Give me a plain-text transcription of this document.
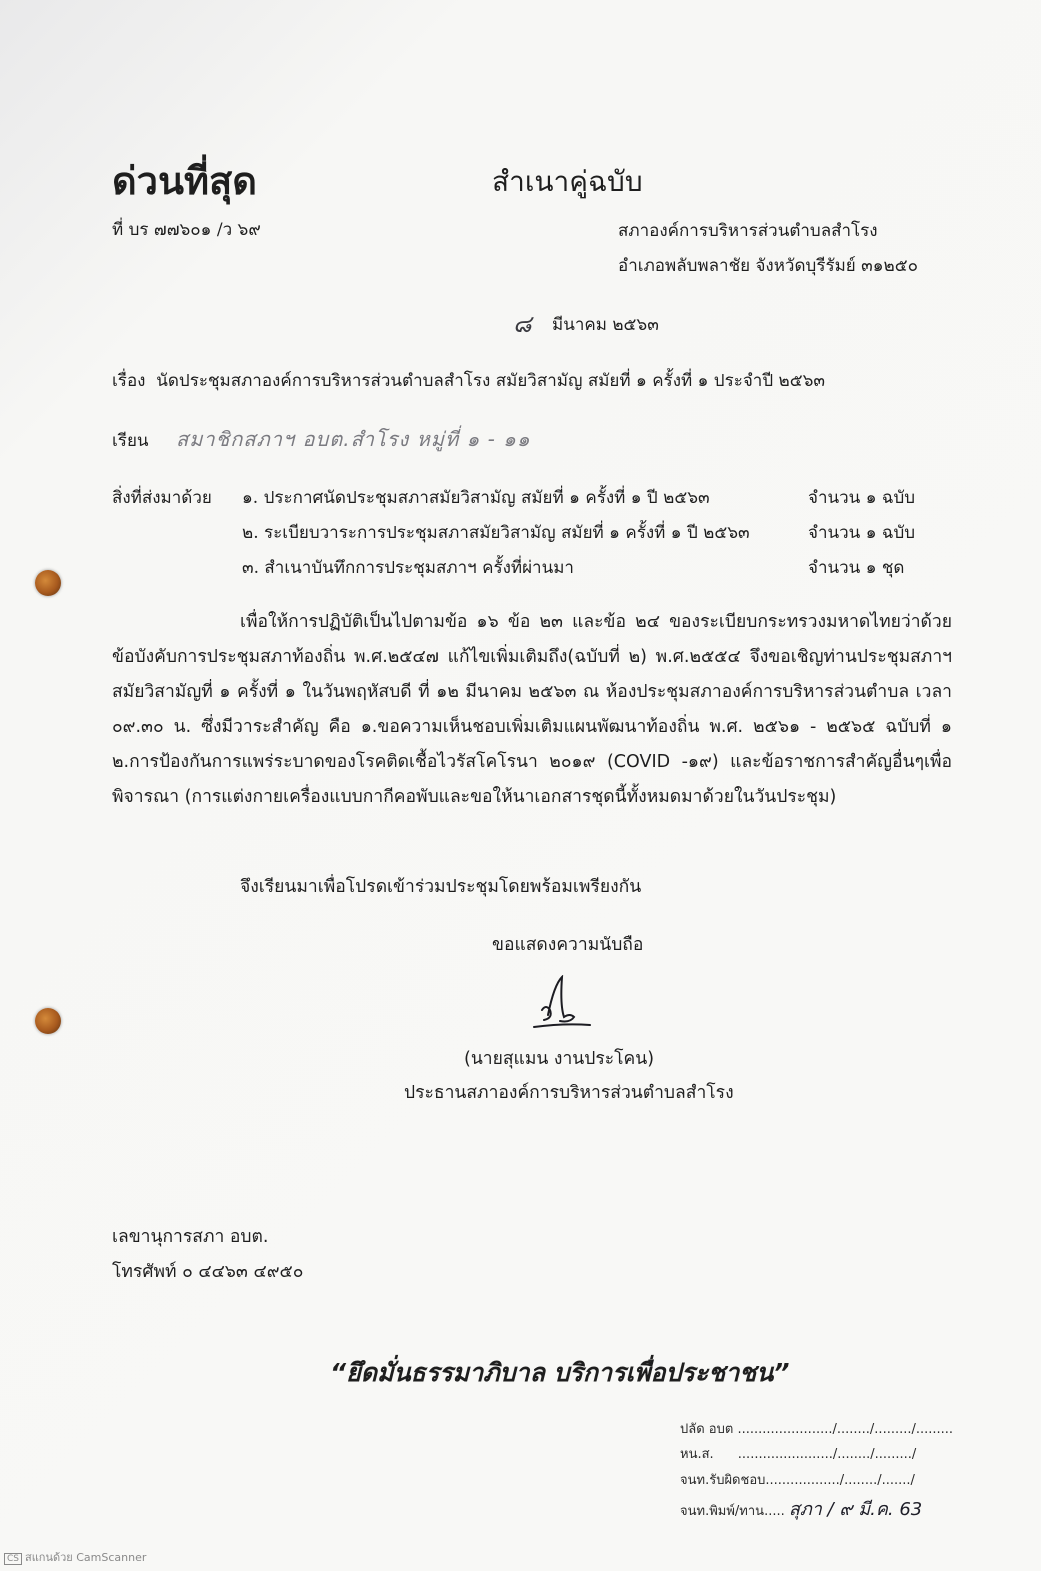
ด่วนที่สุด	สำเนาคู่ฉบับ
ที่ บร ๗๗๖๐๑ /ว ๖๙	สภาองค์การบริหารส่วนตำบลสำโรง
อำเภอพลับพลาชัย จังหวัดบุรีรัมย์ ๓๑๒๕๐
๘ มีนาคม ๒๕๖๓
เรื่อง นัดประชุมสภาองค์การบริหารส่วนตำบลสำโรง สมัยวิสามัญ สมัยที่ ๑ ครั้งที่ ๑ ประจำปี ๒๕๖๓
เรียน สมาชิกสภาฯ อบต.สำโรง หมู่ที่ ๑ - ๑๑
สิ่งที่ส่งมาด้วย ๑. ประกาศนัดประชุมสภาสมัยวิสามัญ สมัยที่ ๑ ครั้งที่ ๑ ปี ๒๕๖๓	จำนวน ๑ ฉบับ
๒. ระเบียบวาระการประชุมสภาสมัยวิสามัญ สมัยที่ ๑ ครั้งที่ ๑ ปี ๒๕๖๓	จำนวน ๑ ฉบับ
๓. สำเนาบันทึกการประชุมสภาฯ ครั้งที่ผ่านมา	จำนวน ๑ ชุด
เพื่อให้การปฏิบัติเป็นไปตามข้อ ๑๖ ข้อ ๒๓ และข้อ ๒๔ ของระเบียบกระทรวงมหาดไทยว่าด้วยข้อบังคับการประชุมสภาท้องถิ่น พ.ศ.๒๕๔๗ แก้ไขเพิ่มเติมถึง(ฉบับที่ ๒) พ.ศ.๒๕๕๔ จึงขอเชิญท่านประชุมสภาฯ สมัยวิสามัญที่ ๑ ครั้งที่ ๑ ในวันพฤหัสบดี ที่ ๑๒ มีนาคม ๒๕๖๓ ณ ห้องประชุมสภาองค์การบริหารส่วนตำบล เวลา ๐๙.๓๐ น. ซึ่งมีวาระสำคัญ คือ ๑.ขอความเห็นชอบเพิ่มเติมแผนพัฒนาท้องถิ่น พ.ศ. ๒๕๖๑ - ๒๕๖๕ ฉบับที่ ๑ ๒.การป้องกันการแพร่ระบาดของโรคติดเชื้อไวรัสโคโรนา ๒๐๑๙ (COVID -๑๙) และข้อราชการสำคัญอื่นๆเพื่อพิจารณา (การแต่งกายเครื่องแบบกากีคอพับและขอให้นาเอกสารชุดนี้ทั้งหมดมาด้วยในวันประชุม)
จึงเรียนมาเพื่อโปรดเข้าร่วมประชุมโดยพร้อมเพรียงกัน
ขอแสดงความนับถือ
(นายสุแมน งานประโคน)
ประธานสภาองค์การบริหารส่วนตำบลสำโรง
เลขานุการสภา อบต.
โทรศัพท์ ๐ ๔๔๖๓ ๔๙๕๐
“ยึดมั่นธรรมาภิบาล บริการเพื่อประชาชน”
ปลัด อบต ......................./......../........./.........
หน.ส. ......................./......../........./
จนท.รับผิดชอบ................../......../......./
จนท.พิมพ์/ทาน..... สุภา / ๙ มี.ค. 63
CS สแกนด้วย CamScanner
